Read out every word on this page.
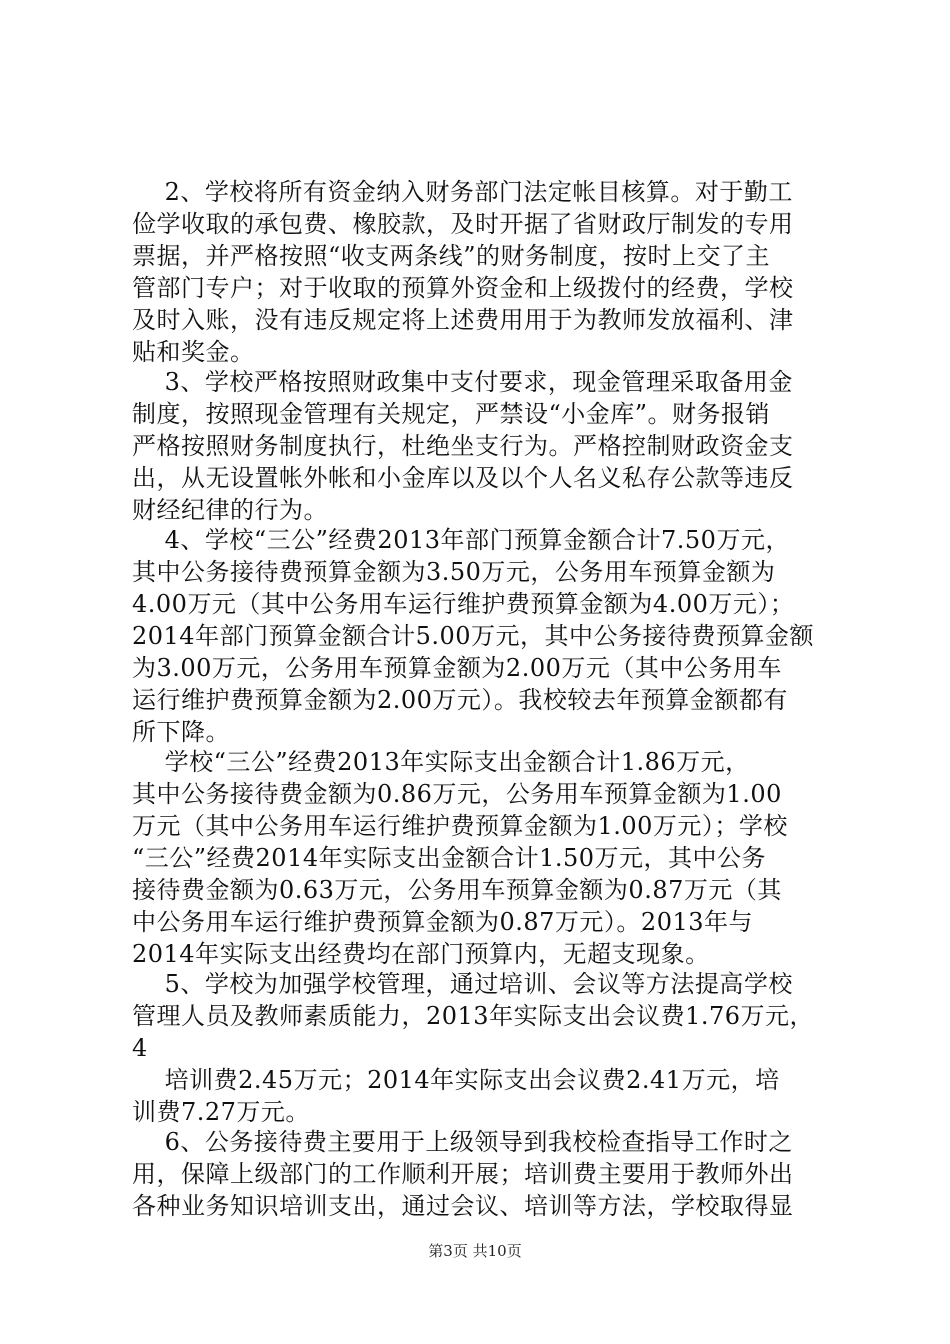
　 2、学校将所有资金纳入财务部门法定帐目核算。对于勤工
俭学收取的承包费、橡胶款，及时开据了省财政厅制发的专用
票据，并严格按照“收支两条线”的财务制度，按时上交了主
管部门专户；对于收取的预算外资金和上级拨付的经费，学校
及时入账，没有违反规定将上述费用用于为教师发放福利、津
贴和奖金。
　 3、学校严格按照财政集中支付要求，现金管理采取备用金
制度，按照现金管理有关规定，严禁设“小金库”。财务报销
严格按照财务制度执行，杜绝坐支行为。严格控制财政资金支
出，从无设置帐外帐和小金库以及以个人名义私存公款等违反
财经纪律的行为。
　 4、学校“三公”经费2013年部门预算金额合计7.50万元，
其中公务接待费预算金额为3.50万元，公务用车预算金额为
4.00万元（其中公务用车运行维护费预算金额为4.00万元）；
2014年部门预算金额合计5.00万元，其中公务接待费预算金额
为3.00万元，公务用车预算金额为2.00万元（其中公务用车
运行维护费预算金额为2.00万元）。我校较去年预算金额都有
所下降。
　 学校“三公”经费2013年实际支出金额合计1.86万元，
其中公务接待费金额为0.86万元，公务用车预算金额为1.00
万元（其中公务用车运行维护费预算金额为1.00万元）；学校
“三公”经费2014年实际支出金额合计1.50万元，其中公务
接待费金额为0.63万元，公务用车预算金额为0.87万元（其
中公务用车运行维护费预算金额为0.87万元）。2013年与
2014年实际支出经费均在部门预算内，无超支现象。
　 5、学校为加强学校管理，通过培训、会议等方法提高学校
管理人员及教师素质能力，2013年实际支出会议费1.76万元，
4
　 培训费2.45万元；2014年实际支出会议费2.41万元，培
训费7.27万元。
　 6、公务接待费主要用于上级领导到我校检查指导工作时之
用，保障上级部门的工作顺利开展；培训费主要用于教师外出
各种业务知识培训支出，通过会议、培训等方法，学校取得显
第3页 共10页
